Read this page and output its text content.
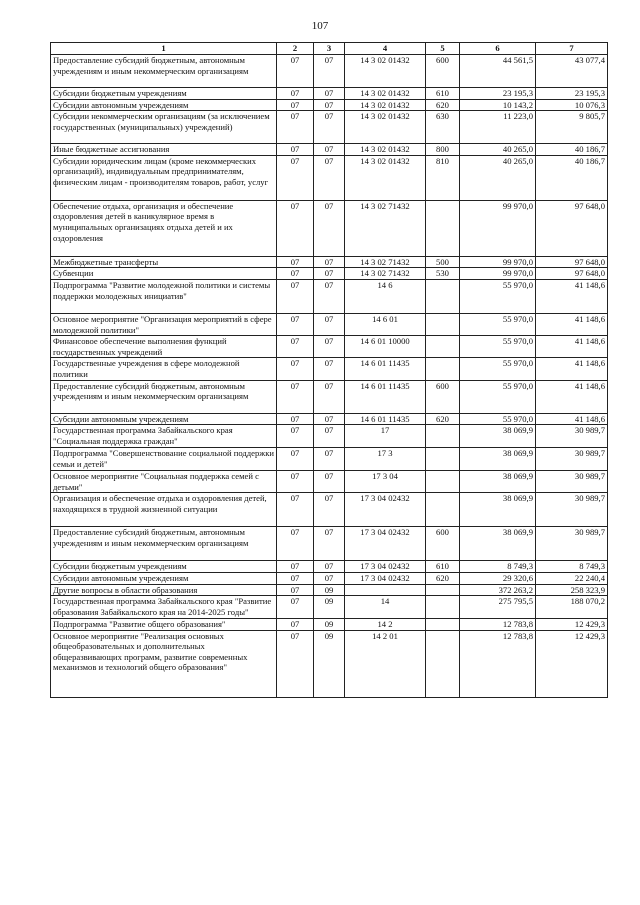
107
1	2	3	4	5	6	7
Предоставление субсидий бюджетным, автономным учреждениям и иным некоммерческим организациям	07	07	14 3 02 01432	600	44 561,5	43 077,4
Субсидии бюджетным учреждениям	07	07	14 3 02 01432	610	23 195,3	23 195,3
Субсидии автономным учреждениям	07	07	14 3 02 01432	620	10 143,2	10 076,3
Субсидии некоммерческим организациям (за исключением государственных (муниципальных) учреждений)	07	07	14 3 02 01432	630	11 223,0	9 805,7
Иные бюджетные ассигнования	07	07	14 3 02 01432	800	40 265,0	40 186,7
Субсидии юридическим лицам (кроме некоммерческих организаций), индивидуальным предпринимателям, физическим лицам - производителям товаров, работ, услуг	07	07	14 3 02 01432	810	40 265,0	40 186,7
Обеспечение отдыха, организация и обеспечение оздоровления детей в каникулярное время в муниципальных организациях отдыха детей и их оздоровления	07	07	14 3 02 71432		99 970,0	97 648,0
Межбюджетные трансферты	07	07	14 3 02 71432	500	99 970,0	97 648,0
Субвенции	07	07	14 3 02 71432	530	99 970,0	97 648,0
Подпрограмма "Развитие молодежной политики и системы поддержки молодежных инициатив"	07	07	14 6		55 970,0	41 148,6
Основное мероприятие "Организация мероприятий в сфере молодежной политики"	07	07	14 6 01		55 970,0	41 148,6
Финансовое обеспечение выполнения функций государственных учреждений	07	07	14 6 01 10000		55 970,0	41 148,6
Государственные учреждения в сфере молодежной политики	07	07	14 6 01 11435		55 970,0	41 148,6
Предоставление субсидий бюджетным, автономным учреждениям и иным некоммерческим организациям	07	07	14 6 01 11435	600	55 970,0	41 148,6
Субсидии автономным учреждениям	07	07	14 6 01 11435	620	55 970,0	41 148,6
Государственная программа Забайкальского края "Социальная поддержка граждан"	07	07	17		38 069,9	30 989,7
Подпрограмма "Совершенствование социальной поддержки семьи и детей"	07	07	17 3		38 069,9	30 989,7
Основное мероприятие "Социальная поддержка семей с детьми"	07	07	17 3 04		38 069,9	30 989,7
Организация и обеспечение отдыха и оздоровления детей, находящихся в трудной жизненной ситуации	07	07	17 3 04 02432		38 069,9	30 989,7
Предоставление субсидий бюджетным, автономным учреждениям и иным некоммерческим организациям	07	07	17 3 04 02432	600	38 069,9	30 989,7
Субсидии бюджетным учреждениям	07	07	17 3 04 02432	610	8 749,3	8 749,3
Субсидии автономным учреждениям	07	07	17 3 04 02432	620	29 320,6	22 240,4
Другие вопросы в области образования	07	09			372 263,2	258 323,9
Государственная программа Забайкальского края "Развитие образования Забайкальского края на 2014-2025 годы"	07	09	14		275 795,5	188 070,2
Подпрограмма "Развитие общего образования"	07	09	14 2		12 783,8	12 429,3
Основное мероприятие "Реализация основных общеобразовательных и дополнительных общеразвивающих программ, развитие современных механизмов и технологий общего образования"	07	09	14 2 01		12 783,8	12 429,3
